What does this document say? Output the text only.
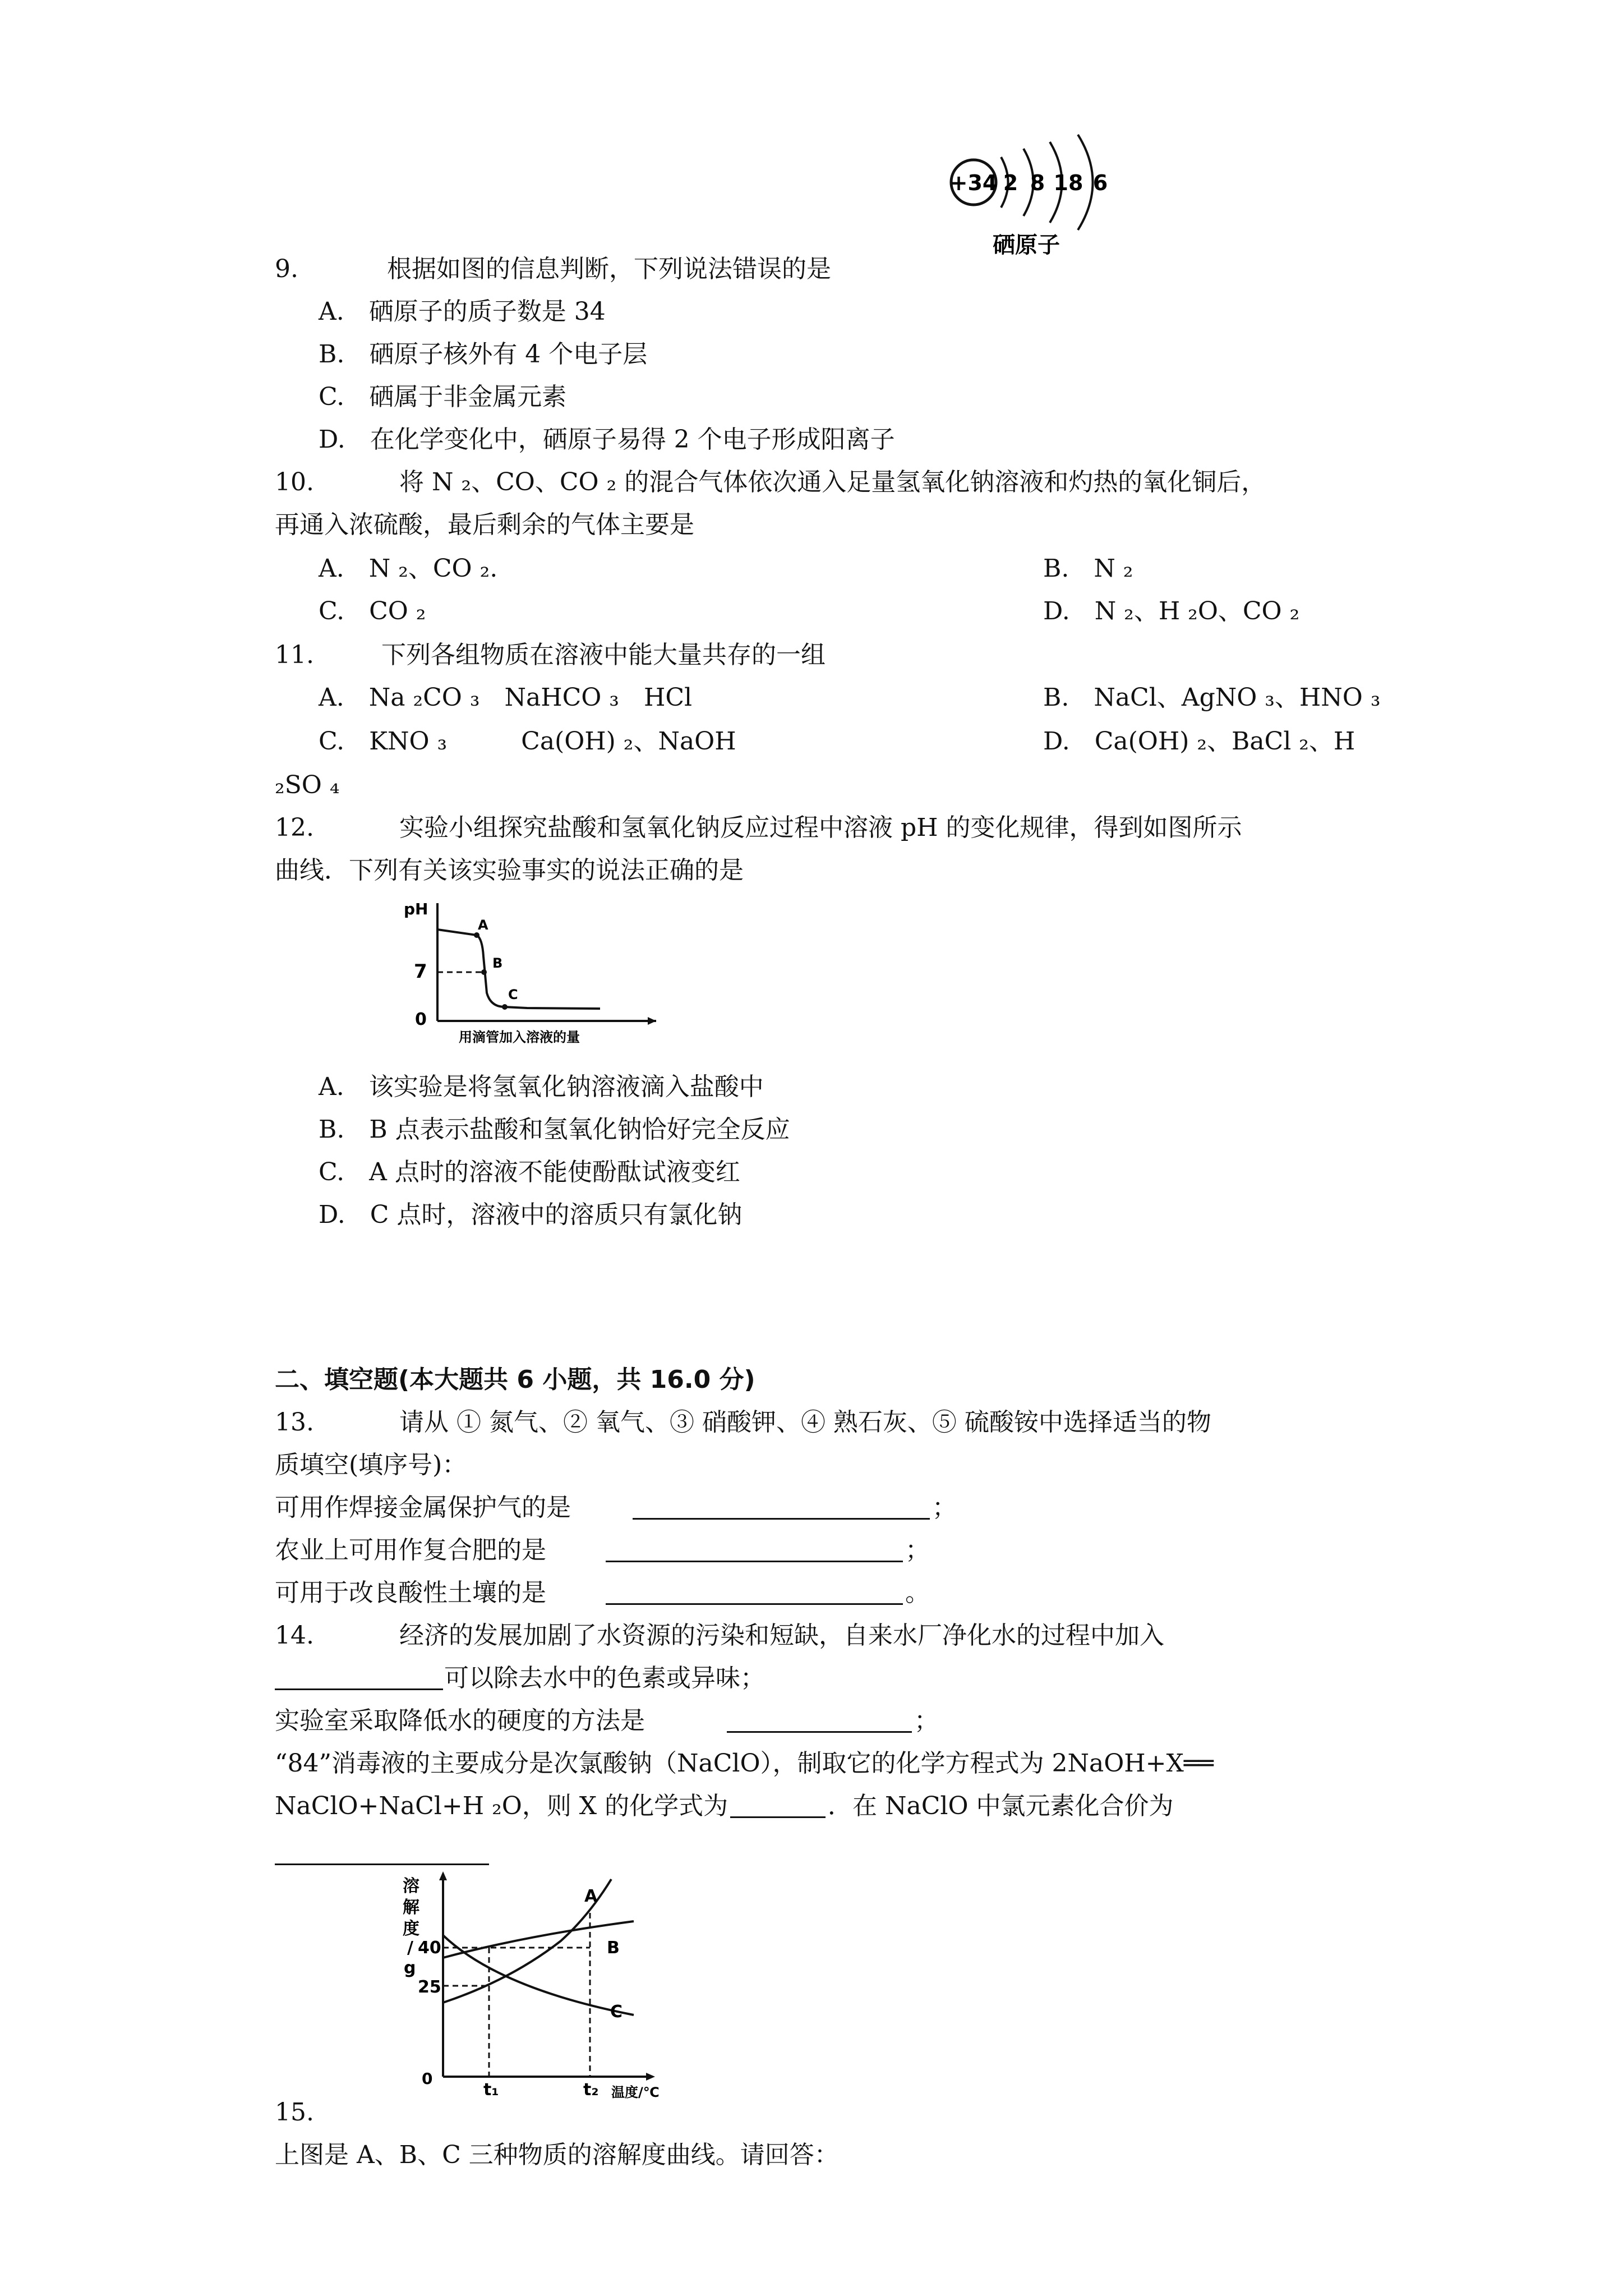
+34 2 8 18 6
硒原子
9.	根据如图的信息判断，下列说法错误的是
A.　硒原子的质子数是 34
B.　硒原子核外有 4 个电子层
C.　硒属于非金属元素
D.　在化学变化中，硒原子易得 2 个电子形成阳离子
10.	将 N ₂、CO、CO ₂ 的混合气体依次通入足量氢氧化钠溶液和灼热的氧化铜后，
再通入浓硫酸，最后剩余的气体主要是
A.　N ₂、CO ₂.	B.　N ₂
C.　CO ₂	D.　N ₂、H ₂O、CO ₂
11.	下列各组物质在溶液中能大量共存的一组
A.　Na ₂CO ₃　NaHCO ₃　HCl	B.　NaCl、AgNO ₃、HNO ₃
C.　KNO ₃　　　Ca(OH) ₂、NaOH	D.　Ca(OH) ₂、BaCl ₂、H
₂SO ₄
12.	实验小组探究盐酸和氢氧化钠反应过程中溶液 pH 的变化规律，得到如图所示
曲线．下列有关该实验事实的说法正确的是
pH
7
0
A
B
C
用滴管加入溶液的量
A.　该实验是将氢氧化钠溶液滴入盐酸中
B.　B 点表示盐酸和氢氧化钠恰好完全反应
C.　A 点时的溶液不能使酚酞试液变红
D.　C 点时，溶液中的溶质只有氯化钠
二、填空题(本大题共 6 小题，共 16.0 分)
13.	请从 ① 氮气、② 氧气、③ 硝酸钾、④ 熟石灰、⑤ 硫酸铵中选择适当的物
质填空(填序号)：
可用作焊接金属保护气的是	；
农业上可用作复合肥的是	；
可用于改良酸性土壤的是	。
14.	经济的发展加剧了水资源的污染和短缺，自来水厂净化水的过程中加入
可以除去水中的色素或异味；
实验室采取降低水的硬度的方法是	；
“84”消毒液的主要成分是次氯酸钠（NaClO），制取它的化学方程式为 2NaOH+X══
NaClO+NaCl+H ₂O，则 X 的化学式为	．在 NaClO 中氯元素化合价为
溶
解
度
/
g
40
25
0
A
B
C
t₁	t₂ 温度/℃
15.
上图是 A、B、C 三种物质的溶解度曲线。请回答：
